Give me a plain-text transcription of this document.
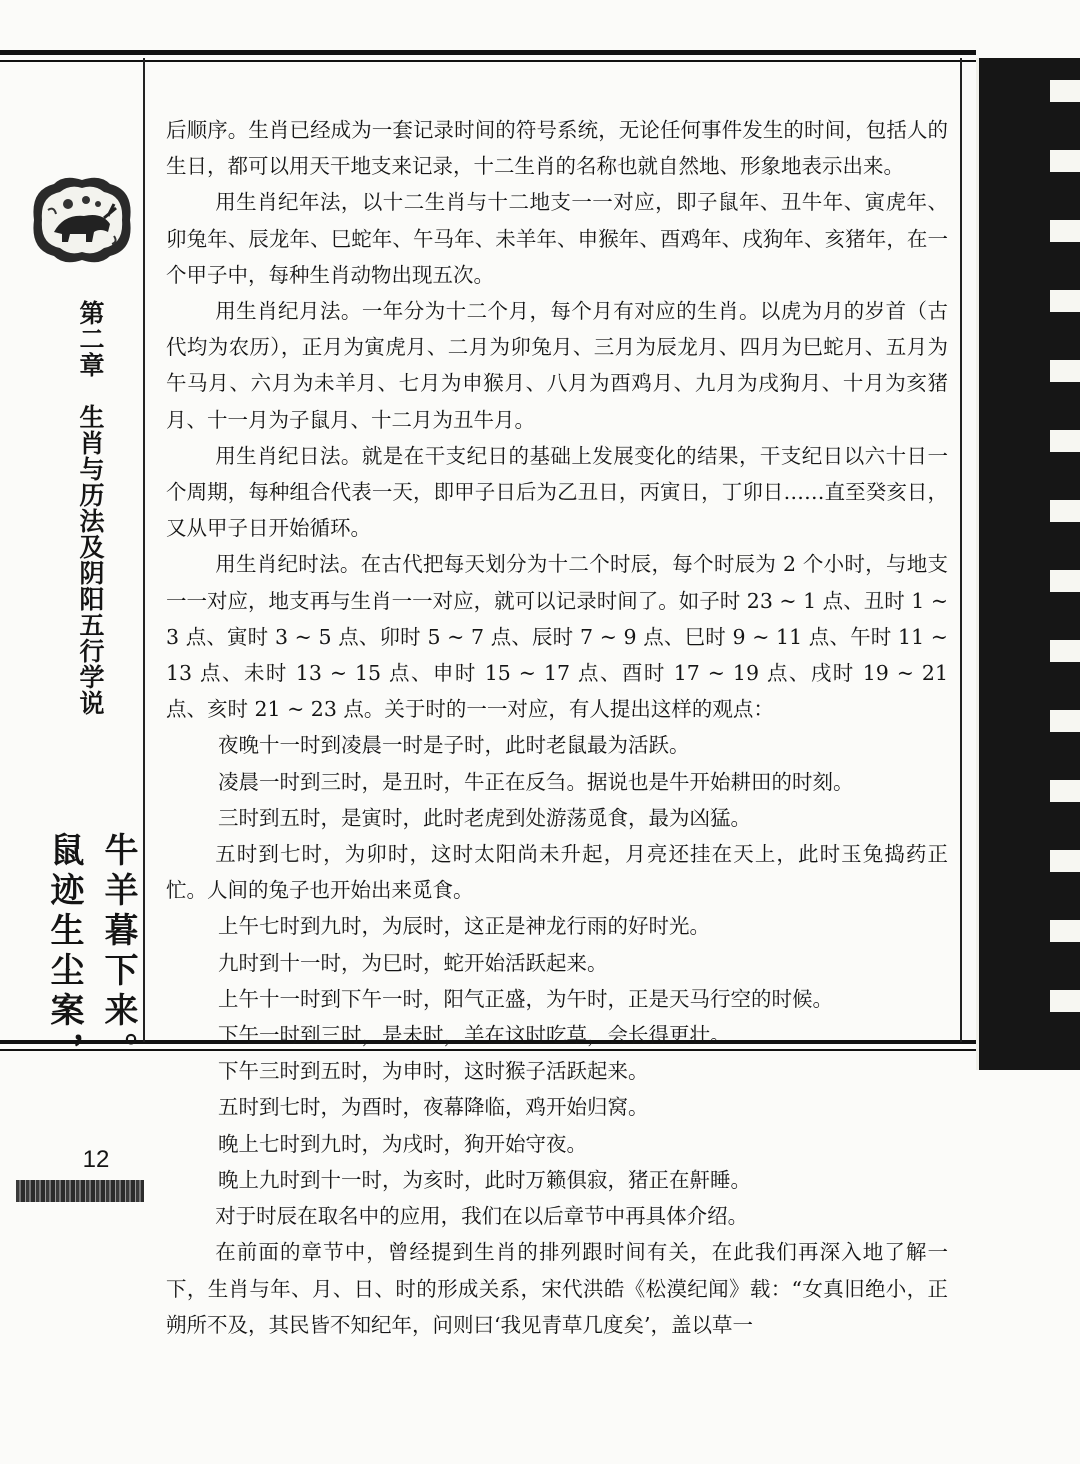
第二章生肖与历法及阴阳五行学说
牛羊暮下来。
鼠迹生尘案，
12

后顺序。生肖已经成为一套记录时间的符号系统，无论任何事件发生的时间，包括人的生日，都可以用天干地支来记录，十二生肖的名称也就自然地、形象地表示出来。

用生肖纪年法，以十二生肖与十二地支一一对应，即子鼠年、丑牛年、寅虎年、卯兔年、辰龙年、巳蛇年、午马年、未羊年、申猴年、酉鸡年、戌狗年、亥猪年，在一个甲子中，每种生肖动物出现五次。

用生肖纪月法。一年分为十二个月，每个月有对应的生肖。以虎为月的岁首（古代均为农历），正月为寅虎月、二月为卯兔月、三月为辰龙月、四月为巳蛇月、五月为午马月、六月为未羊月、七月为申猴月、八月为酉鸡月、九月为戌狗月、十月为亥猪月、十一月为子鼠月、十二月为丑牛月。

用生肖纪日法。就是在干支纪日的基础上发展变化的结果，干支纪日以六十日一个周期，每种组合代表一天，即甲子日后为乙丑日，丙寅日，丁卯日……直至癸亥日，又从甲子日开始循环。

用生肖纪时法。在古代把每天划分为十二个时辰，每个时辰为 2 个小时，与地支一一对应，地支再与生肖一一对应，就可以记录时间了。如子时 23 ~ 1 点、丑时 1 ~ 3 点、寅时 3 ~ 5 点、卯时 5 ~ 7 点、辰时 7 ~ 9 点、巳时 9 ~ 11 点、午时 11 ~ 13 点、未时 13 ~ 15 点、申时 15 ~ 17 点、酉时 17 ~ 19 点、戌时 19 ~ 21 点、亥时 21 ~ 23 点。关于时的一一对应，有人提出这样的观点：

夜晚十一时到凌晨一时是子时，此时老鼠最为活跃。

凌晨一时到三时，是丑时，牛正在反刍。据说也是牛开始耕田的时刻。

三时到五时，是寅时，此时老虎到处游荡觅食，最为凶猛。

五时到七时，为卯时，这时太阳尚未升起，月亮还挂在天上，此时玉兔捣药正忙。人间的兔子也开始出来觅食。

上午七时到九时，为辰时，这正是神龙行雨的好时光。

九时到十一时，为巳时，蛇开始活跃起来。

上午十一时到下午一时，阳气正盛，为午时，正是天马行空的时候。

下午一时到三时，是未时，羊在这时吃草，会长得更壮。

下午三时到五时，为申时，这时猴子活跃起来。

五时到七时，为酉时，夜幕降临，鸡开始归窝。

晚上七时到九时，为戌时，狗开始守夜。

晚上九时到十一时，为亥时，此时万籁俱寂，猪正在鼾睡。

对于时辰在取名中的应用，我们在以后章节中再具体介绍。

在前面的章节中，曾经提到生肖的排列跟时间有关，在此我们再深入地了解一下，生肖与年、月、日、时的形成关系，宋代洪皓《松漠纪闻》载：“女真旧绝小，正朔所不及，其民皆不知纪年，问则曰‘我见青草几度矣’，盖以草一
